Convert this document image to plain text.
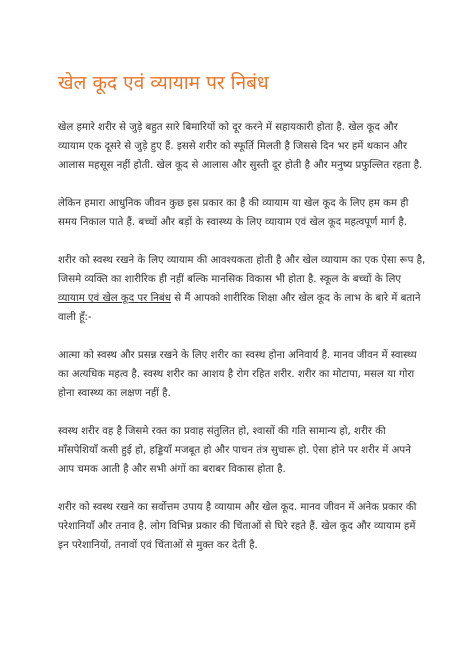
खेल कूद एवं व्यायाम पर निबंध

खेल हमारे शरीर से जुड़े बहुत सारे बिमारियों को दूर करने में सहायकारी होता है. खेल कूद और व्यायाम एक दूसरे से जुड़े हुए हैं. इससे शरीर को स्फूर्ति मिलती है जिससे दिन भर हमें थकान और आलास महसूस नहीं होती. खेल कूद से आलास और सुस्ती दूर होती है और मनुष्य प्रफुल्लित रहता है.

लेकिन हमारा आधुनिक जीवन कुछ इस प्रकार का है की व्यायाम या खेल कूद के लिए हम कम ही समय निकाल पाते हैं. बच्चों और बड़ों के स्वास्थ्य के लिए व्यायाम एवं खेल कूद महत्वपूर्ण मार्ग है.

शरीर को स्वस्थ रखने के लिए व्यायाम की आवश्यकता होती है और खेल व्यायाम का एक ऐसा रूप है, जिसमे व्यक्ति का शारीरिक ही नहीं बल्कि मानसिक विकास भी होता है. स्कूल के बच्चों के लिए व्यायाम एवं खेल कूद पर निबंध से मैं आपको शारीरिक शिक्षा और खेल कूद के लाभ के बारे में बताने वाली हूँ:-

आत्मा को स्वस्थ और प्रसन्न रखने के लिए शरीर का स्वस्थ होना अनिवार्य है. मानव जीवन में स्वास्थ्य का अत्यधिक महत्व है. स्वस्थ शरीर का आशय है रोग रहित शरीर. शरीर का मोटापा, मसल या गोरा होना स्वास्थ्य का लक्षण नहीं है.

स्वस्थ शरीर वह है जिसमे रक्त का प्रवाह संतुलित हो, श्वासों की गति सामान्य हो, शरीर की माँसपेशियाँ कसी हुई हो, हड्डियाँ मजबूत हो और पाचन तंत्र सुचारू हो. ऐसा होने पर शरीर में अपने आप चमक आती है और सभी अंगों का बराबर विकास होता है.

शरीर को स्वस्थ रखने का सर्वोत्तम उपाय है व्यायाम और खेल कूद. मानव जीवन में अनेक प्रकार की परेशानियाँ और तनाव है. लोग विभिन्न प्रकार की चिंताओं से घिरे रहते हैं. खेल कूद और व्यायाम हमें इन परेशानियों, तनावों एवं चिंताओं से मुक्त कर देती है.
